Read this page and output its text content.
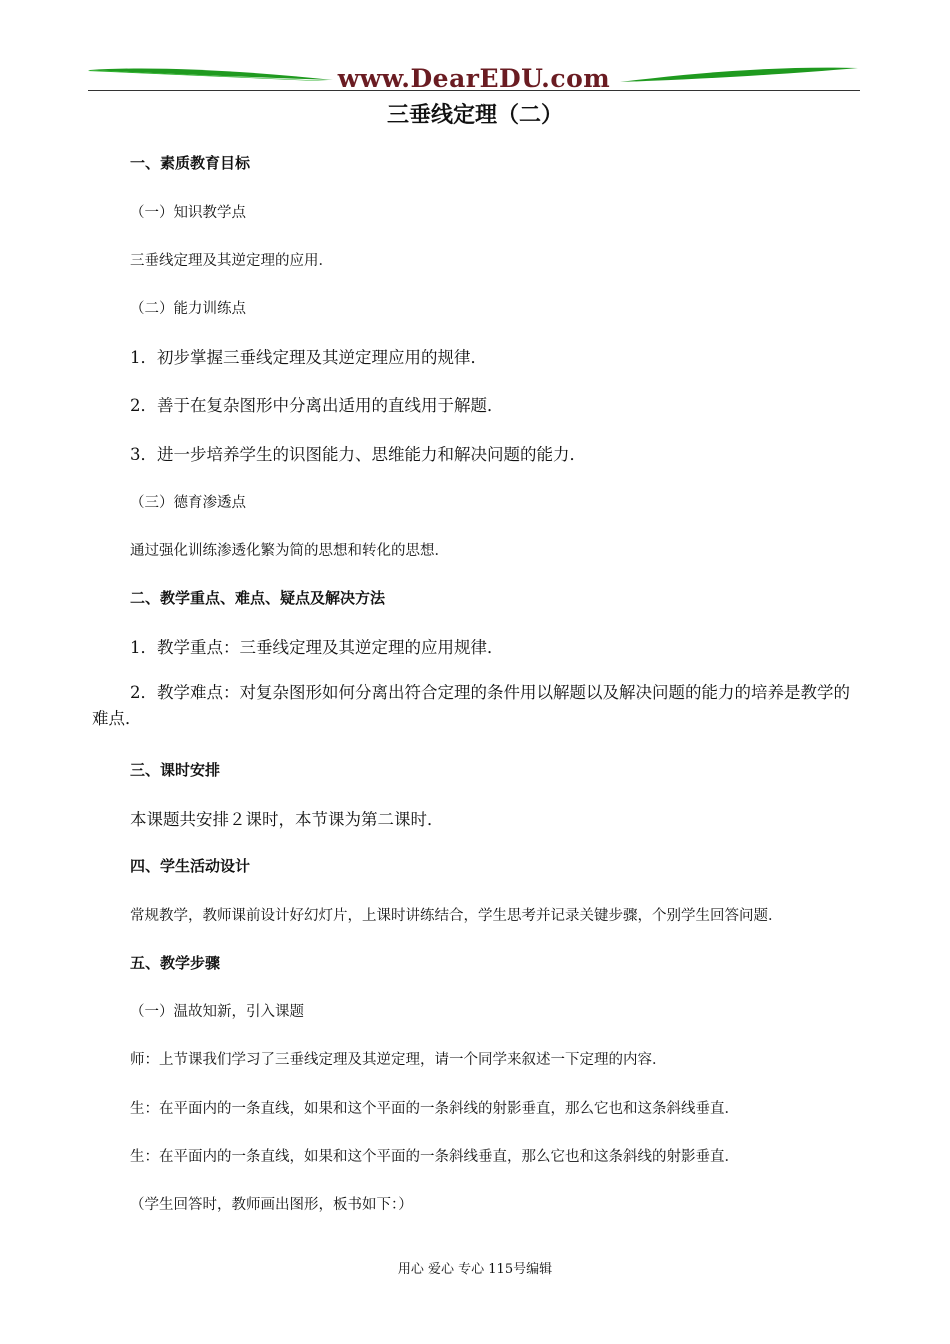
www.DearEDU.com
三垂线定理（二）
一、素质教育目标
（一）知识教学点
三垂线定理及其逆定理的应用．
（二）能力训练点
1．初步掌握三垂线定理及其逆定理应用的规律．
2．善于在复杂图形中分离出适用的直线用于解题．
3．进一步培养学生的识图能力、思维能力和解决问题的能力．
（三）德育渗透点
通过强化训练渗透化繁为简的思想和转化的思想．
二、教学重点、难点、疑点及解决方法
1．教学重点：三垂线定理及其逆定理的应用规律．
2．教学难点：对复杂图形如何分离出符合定理的条件用以解题以及解决问题的能力的培养是教学的难点．
三、课时安排
本课题共安排２课时，本节课为第二课时．
四、学生活动设计
常规教学，教师课前设计好幻灯片，上课时讲练结合，学生思考并记录关键步骤，个别学生回答问题．
五、教学步骤
（一）温故知新，引入课题
师：上节课我们学习了三垂线定理及其逆定理，请一个同学来叙述一下定理的内容．
生：在平面内的一条直线，如果和这个平面的一条斜线的射影垂直，那么它也和这条斜线垂直．
生：在平面内的一条直线，如果和这个平面的一条斜线垂直，那么它也和这条斜线的射影垂直．
（学生回答时，教师画出图形，板书如下：）
用心 爱心 专心 115号编辑
